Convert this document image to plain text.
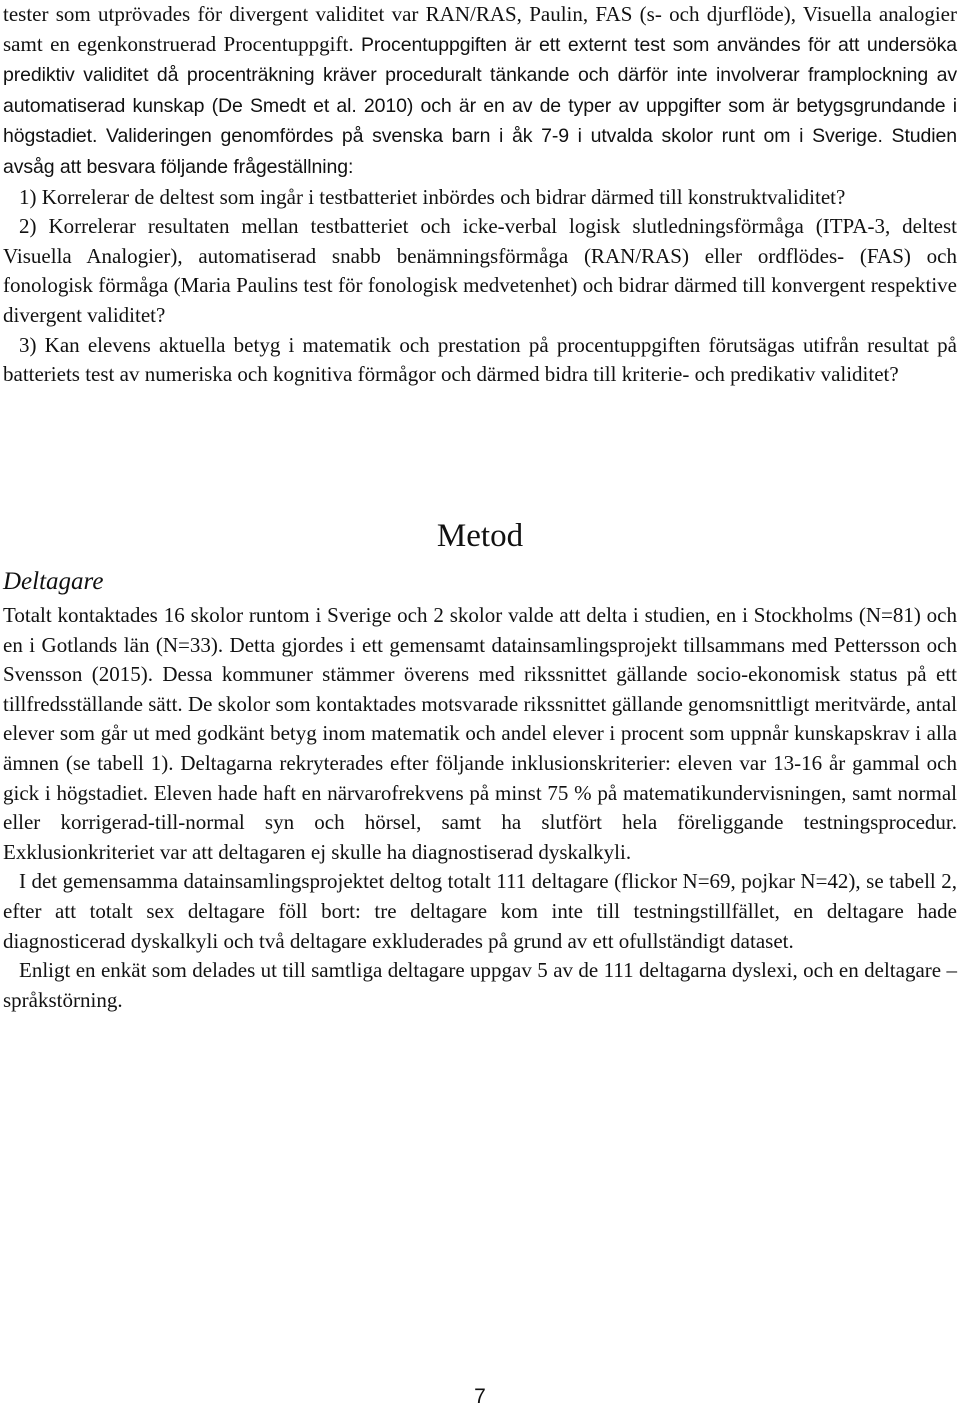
tester som utprövades för divergent validitet var RAN/RAS, Paulin, FAS (s- och djurflöde), Visuella analogier samt en egenkonstruerad Procentuppgift. Procentuppgiften är ett externt test som användes för att undersöka prediktiv validitet då procenträkning kräver proceduralt tänkande och därför inte involverar framplockning av automatiserad kunskap (De Smedt et al. 2010) och är en av de typer av uppgifter som är betygsgrundande i högstadiet. Valideringen genomfördes på svenska barn i åk 7-9 i utvalda skolor runt om i Sverige. Studien avsåg att besvara följande frågeställning:

1) Korrelerar de deltest som ingår i testbatteriet inbördes och bidrar därmed till konstruktvaliditet?

2) Korrelerar resultaten mellan testbatteriet och icke-verbal logisk slutledningsförmåga (ITPA-3, deltest Visuella Analogier), automatiserad snabb benämningsförmåga (RAN/RAS) eller ordflödes- (FAS) och fonologisk förmåga (Maria Paulins test för fonologisk medvetenhet) och bidrar därmed till konvergent respektive divergent validitet?

3) Kan elevens aktuella betyg i matematik och prestation på procentuppgiften förutsägas utifrån resultat på batteriets test av numeriska och kognitiva förmågor och därmed bidra till kriterie- och predikativ validitet?

Metod
Deltagare

Totalt kontaktades 16 skolor runtom i Sverige och 2 skolor valde att delta i studien, en i Stockholms (N=81) och en i Gotlands län (N=33). Detta gjordes i ett gemensamt datainsamlingsprojekt tillsammans med Pettersson och Svensson (2015). Dessa kommuner stämmer överens med rikssnittet gällande socio-ekonomisk status på ett tillfredsställande sätt. De skolor som kontaktades motsvarade rikssnittet gällande genomsnittligt meritvärde, antal elever som går ut med godkänt betyg inom matematik och andel elever i procent som uppnår kunskapskrav i alla ämnen (se tabell 1). Deltagarna rekryterades efter följande inklusionskriterier: eleven var 13-16 år gammal och gick i högstadiet. Eleven hade haft en närvarofrekvens på minst 75 % på matematikundervisningen, samt normal eller korrigerad-till-normal syn och hörsel, samt ha slutfört hela föreliggande testningsprocedur. Exklusionkriteriet var att deltagaren ej skulle ha diagnostiserad dyskalkyli.

I det gemensamma datainsamlingsprojektet deltog totalt 111 deltagare (flickor N=69, pojkar N=42), se tabell 2, efter att totalt sex deltagare föll bort: tre deltagare kom inte till testningstillfället, en deltagare hade diagnosticerad dyskalkyli och två deltagare exkluderades på grund av ett ofullständigt dataset.

Enligt en enkät som delades ut till samtliga deltagare uppgav 5 av de 111 deltagarna dyslexi, och en deltagare – språkstörning.

7
